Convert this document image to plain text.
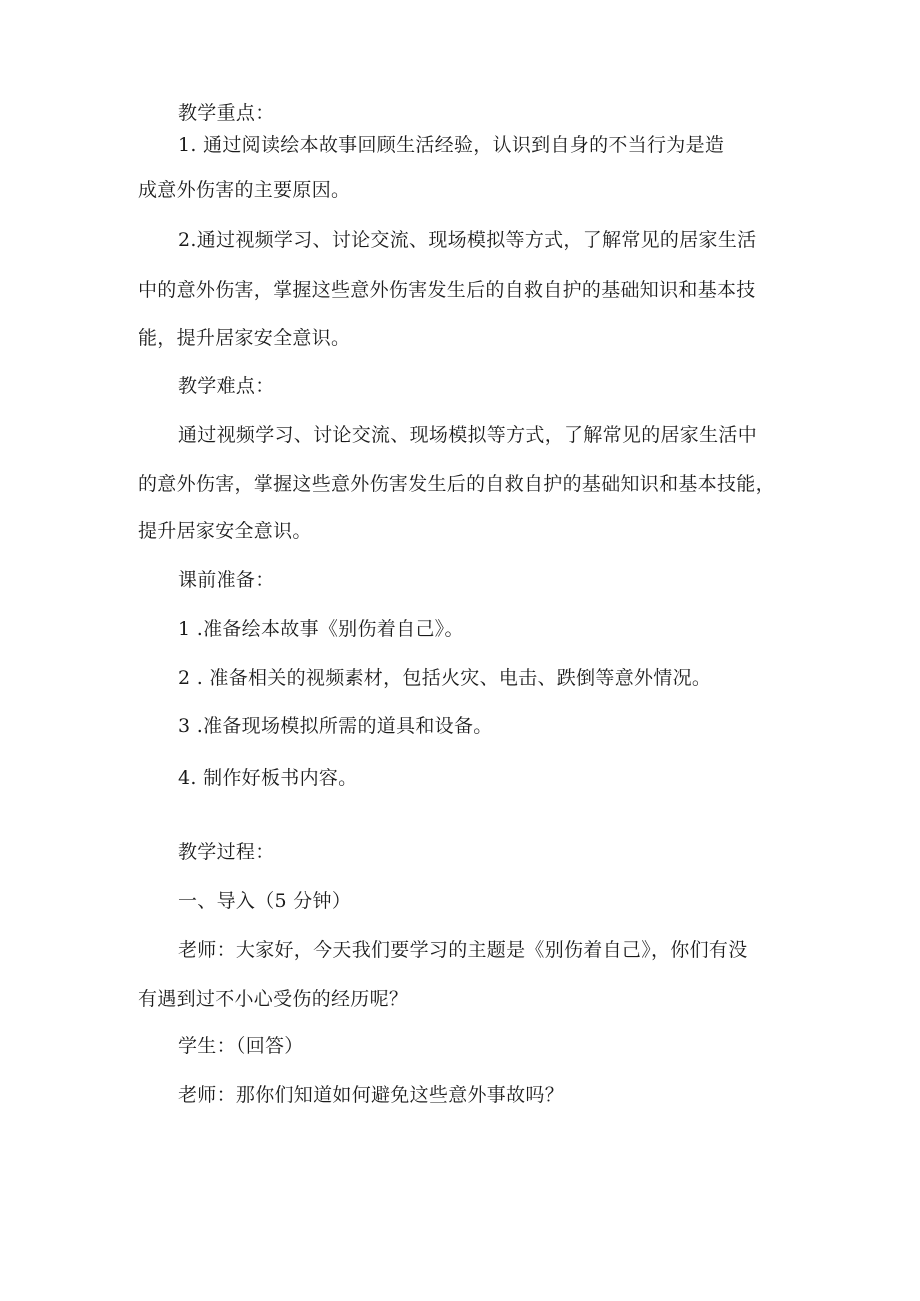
教学重点：
1. 通过阅读绘本故事回顾生活经验，认识到自身的不当行为是造
成意外伤害的主要原因。
2.通过视频学习、讨论交流、现场模拟等方式，了解常见的居家生活
中的意外伤害，掌握这些意外伤害发生后的自救自护的基础知识和基本技
能，提升居家安全意识。
教学难点：
通过视频学习、讨论交流、现场模拟等方式，了解常见的居家生活中
的意外伤害，掌握这些意外伤害发生后的自救自护的基础知识和基本技能，
提升居家安全意识。
课前准备：
1 .准备绘本故事《别伤着自己》。
2 . 准备相关的视频素材，包括火灾、电击、跌倒等意外情况。
3 .准备现场模拟所需的道具和设备。
4. 制作好板书内容。
教学过程：
一、导入（5 分钟）
老师：大家好，今天我们要学习的主题是《别伤着自己》，你们有没
有遇到过不小心受伤的经历呢？
学生：（回答）
老师：那你们知道如何避免这些意外事故吗？
